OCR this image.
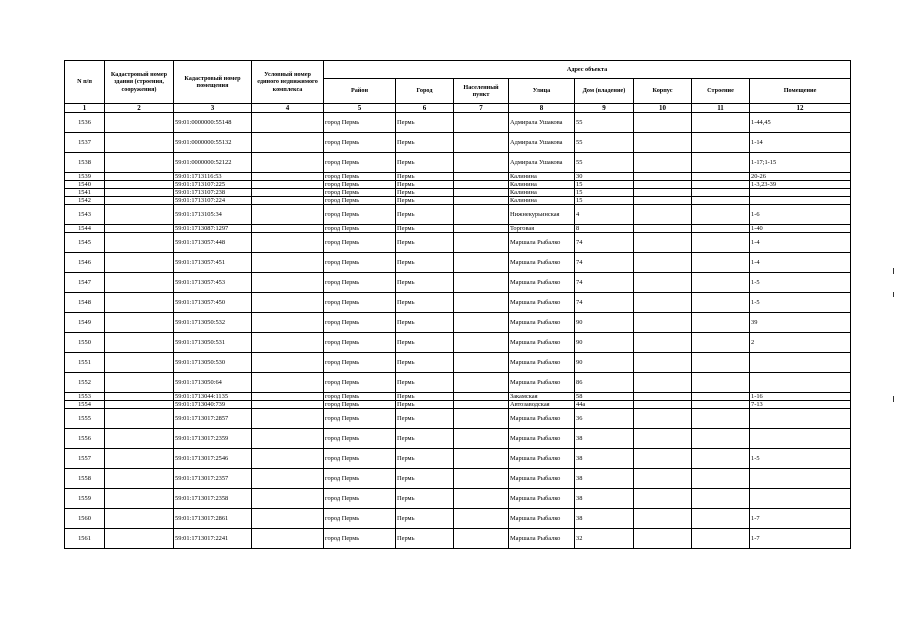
N п/п	Кадастровый номер здания (строения, сооружения)	Кадастровый номер помещения	Условный номер единого недвижимого комплекса	Адрес объекта							
				Район	Город	Населенный пункт	Улица	Дом (владение)	Корпус	Строение	Помещение
1	2	3	4	5	6	7	8	9	10	11	12
1536		59:01:0000000:55148		город Пермь	Пермь		Адмирала Ушакова	55			1-44,45
1537		59:01:0000000:55132		город Пермь	Пермь		Адмирала Ушакова	55			1-14
1538		59:01:0000000:52122		город Пермь	Пермь		Адмирала Ушакова	55			1-17;1-15
1539		59:01:1713116:53		город Пермь	Пермь		Калинина	30			20-26
1540		59:01:1713107:225		город Пермь	Пермь		Калинина	15			1-3,23-39
1541		59:01:1713107:238		город Пермь	Пермь		Калинина	15			
1542		59:01:1713107:224		город Пермь	Пермь		Калинина	15			
1543		59:01:1713105:34		город Пермь	Пермь		Нижнекурьинская	4			1-6
1544		59:01:1713087:1297		город Пермь	Пермь		Торговая	8			1-40
1545		59:01:1713057:448		город Пермь	Пермь		Маршала Рыбалко	74			1-4
1546		59:01:1713057:451		город Пермь	Пермь		Маршала Рыбалко	74			1-4
1547		59:01:1713057:453		город Пермь	Пермь		Маршала Рыбалко	74			1-5
1548		59:01:1713057:450		город Пермь	Пермь		Маршала Рыбалко	74			1-5
1549		59:01:1713050:532		город Пермь	Пермь		Маршала Рыбалко	90			39
1550		59:01:1713050:531		город Пермь	Пермь		Маршала Рыбалко	90			2
1551		59:01:1713050:530		город Пермь	Пермь		Маршала Рыбалко	90			
1552		59:01:1713050:64		город Пермь	Пермь		Маршала Рыбалко	86			
1553		59:01:1713044:1135		город Пермь	Пермь		Закамская	58			1-16
1554		59:01:1713040:739		город Пермь	Пермь		Автозаводская	44а			7-13
1555		59:01:1713017:2857		город Пермь	Пермь		Маршала Рыбалко	36			
1556		59:01:1713017:2359		город Пермь	Пермь		Маршала Рыбалко	38			
1557		59:01:1713017:2546		город Пермь	Пермь		Маршала Рыбалко	38			1-5
1558		59:01:1713017:2357		город Пермь	Пермь		Маршала Рыбалко	38			
1559		59:01:1713017:2358		город Пермь	Пермь		Маршала Рыбалко	38			
1560		59:01:1713017:2861		город Пермь	Пермь		Маршала Рыбалко	38			1-7
1561		59:01:1713017:2241		город Пермь	Пермь		Маршала Рыбалко	32			1-7
